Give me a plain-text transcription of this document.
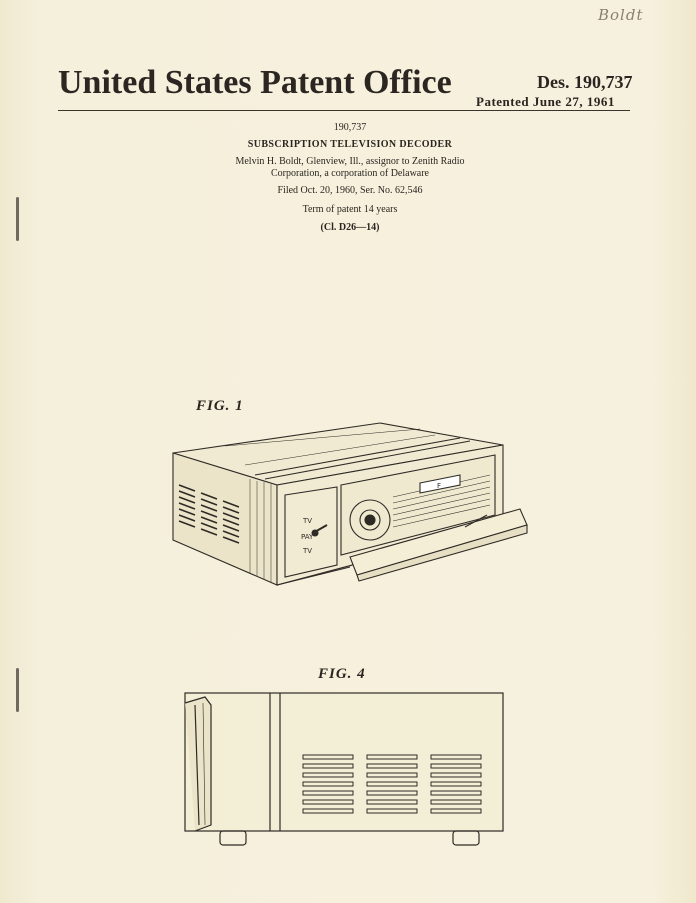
Boldt
United States Patent Office	Des. 190,737
Patented June 27, 1961
190,737
SUBSCRIPTION TELEVISION DECODER
Melvin H. Boldt, Glenview, Ill., assignor to Zenith Radio
Corporation, a corporation of Delaware
Filed Oct. 20, 1960, Ser. No. 62,546
Term of patent 14 years
(Cl. D26—14)
FIG. 1
TV
PAY
TV
F
FIG. 4
